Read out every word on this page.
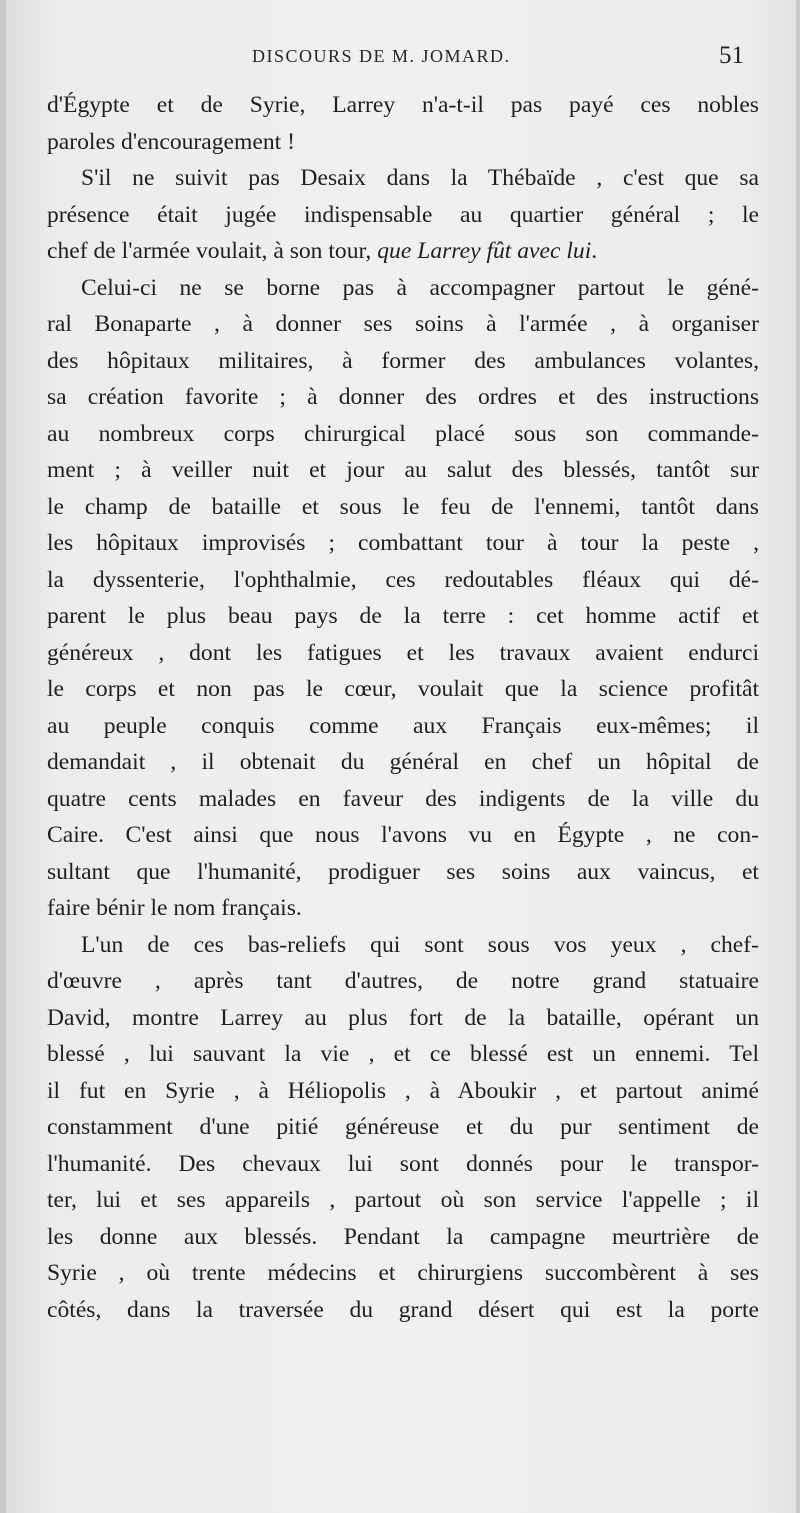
DISCOURS DE M. JOMARD.	51

d'Égypte et de Syrie, Larrey n'a-t-il pas payé ces nobles
paroles d'encouragement !

S'il ne suivit pas Desaix dans la Thébaïde , c'est que sa
présence était jugée indispensable au quartier général ; le
chef de l'armée voulait, à son tour, que Larrey fût avec lui.

Celui-ci ne se borne pas à accompagner partout le géné-
ral Bonaparte , à donner ses soins à l'armée , à organiser
des hôpitaux militaires, à former des ambulances volantes,
sa création favorite ; à donner des ordres et des instructions
au nombreux corps chirurgical placé sous son commande-
ment ; à veiller nuit et jour au salut des blessés, tantôt sur
le champ de bataille et sous le feu de l'ennemi, tantôt dans
les hôpitaux improvisés ; combattant tour à tour la peste ,
la dyssenterie, l'ophthalmie, ces redoutables fléaux qui dé-
parent le plus beau pays de la terre : cet homme actif et
généreux , dont les fatigues et les travaux avaient endurci
le corps et non pas le cœur, voulait que la science profitât
au peuple conquis comme aux Français eux-mêmes; il
demandait , il obtenait du général en chef un hôpital de
quatre cents malades en faveur des indigents de la ville du
Caire. C'est ainsi que nous l'avons vu en Égypte , ne con-
sultant que l'humanité, prodiguer ses soins aux vaincus, et
faire bénir le nom français.

L'un de ces bas-reliefs qui sont sous vos yeux , chef-
d'œuvre , après tant d'autres, de notre grand statuaire
David, montre Larrey au plus fort de la bataille, opérant un
blessé , lui sauvant la vie , et ce blessé est un ennemi. Tel
il fut en Syrie , à Héliopolis , à Aboukir , et partout animé
constamment d'une pitié généreuse et du pur sentiment de
l'humanité. Des chevaux lui sont donnés pour le transpor-
ter, lui et ses appareils , partout où son service l'appelle ; il
les donne aux blessés. Pendant la campagne meurtrière de
Syrie , où trente médecins et chirurgiens succombèrent à ses
côtés, dans la traversée du grand désert qui est la porte
